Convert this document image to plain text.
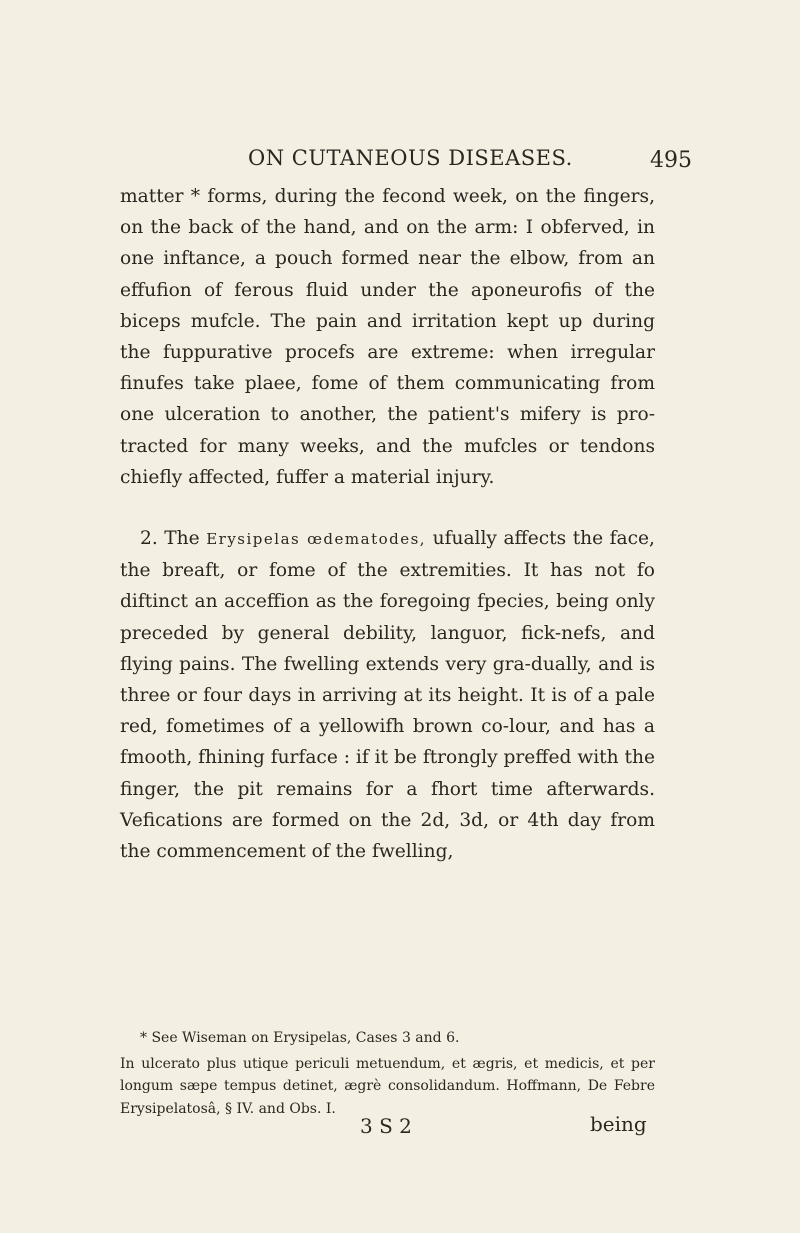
ON CUTANEOUS DISEASES.	495

matter * forms, during the fecond week, on the fingers, on the back of the hand, and on the arm: I obferved, in one inftance, a pouch formed near the elbow, from an effufion of ferous fluid under the aponeurofis of the biceps mufcle. The pain and irritation kept up during the fuppurative procefs are extreme: when irregular finufes take plaee, fome of them communicating from one ulceration to another, the patient's mifery is pro-tracted for many weeks, and the mufcles or tendons chiefly affected, fuffer a material injury.

2. The Erysipelas œdematodes, ufually affects the face, the breaft, or fome of the extremities. It has not fo diftinct an acceffion as the foregoing fpecies, being only preceded by general debility, languor, fick-nefs, and flying pains. The fwelling extends very gra-dually, and is three or four days in arriving at its height. It is of a pale red, fometimes of a yellowifh brown co-lour, and has a fmooth, fhining furface : if it be ftrongly preffed with the finger, the pit remains for a fhort time afterwards. Vefications are formed on the 2d, 3d, or 4th day from the commencement of the fwelling,

* See Wiseman on Erysipelas, Cases 3 and 6.

In ulcerato plus utique periculi metuendum, et ægris, et medicis, et per longum sæpe tempus detinet, ægrè consolidandum. Hoffmann, De Febre Erysipelatosâ, § IV. and Obs. I.

3 S 2	being
